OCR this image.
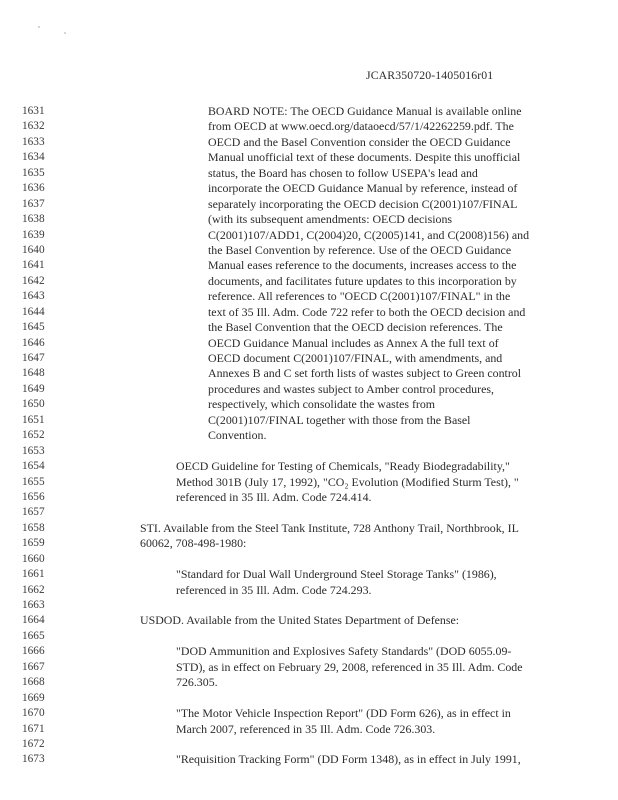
JCAR350720-1405016r01
1631	BOARD NOTE: The OECD Guidance Manual is available online
1632	from OECD at www.oecd.org/dataoecd/57/1/42262259.pdf. The
1633	OECD and the Basel Convention consider the OECD Guidance
1634	Manual unofficial text of these documents. Despite this unofficial
1635	status, the Board has chosen to follow USEPA's lead and
1636	incorporate the OECD Guidance Manual by reference, instead of
1637	separately incorporating the OECD decision C(2001)107/FINAL
1638	(with its subsequent amendments: OECD decisions
1639	C(2001)107/ADD1, C(2004)20, C(2005)141, and C(2008)156) and
1640	the Basel Convention by reference. Use of the OECD Guidance
1641	Manual eases reference to the documents, increases access to the
1642	documents, and facilitates future updates to this incorporation by
1643	reference. All references to "OECD C(2001)107/FINAL" in the
1644	text of 35 Ill. Adm. Code 722 refer to both the OECD decision and
1645	the Basel Convention that the OECD decision references. The
1646	OECD Guidance Manual includes as Annex A the full text of
1647	OECD document C(2001)107/FINAL, with amendments, and
1648	Annexes B and C set forth lists of wastes subject to Green control
1649	procedures and wastes subject to Amber control procedures,
1650	respectively, which consolidate the wastes from
1651	C(2001)107/FINAL together with those from the Basel
1652	Convention.
1653
1654	OECD Guideline for Testing of Chemicals, "Ready Biodegradability,"
1655	Method 301B (July 17, 1992), "CO₂ Evolution (Modified Sturm Test), "
1656	referenced in 35 Ill. Adm. Code 724.414.
1657
1658	STI. Available from the Steel Tank Institute, 728 Anthony Trail, Northbrook, IL
1659	60062, 708-498-1980:
1660
1661	"Standard for Dual Wall Underground Steel Storage Tanks" (1986),
1662	referenced in 35 Ill. Adm. Code 724.293.
1663
1664	USDOD. Available from the United States Department of Defense:
1665
1666	"DOD Ammunition and Explosives Safety Standards" (DOD 6055.09-
1667	STD), as in effect on February 29, 2008, referenced in 35 Ill. Adm. Code
1668	726.305.
1669
1670	"The Motor Vehicle Inspection Report" (DD Form 626), as in effect in
1671	March 2007, referenced in 35 Ill. Adm. Code 726.303.
1672
1673	"Requisition Tracking Form" (DD Form 1348), as in effect in July 1991,
